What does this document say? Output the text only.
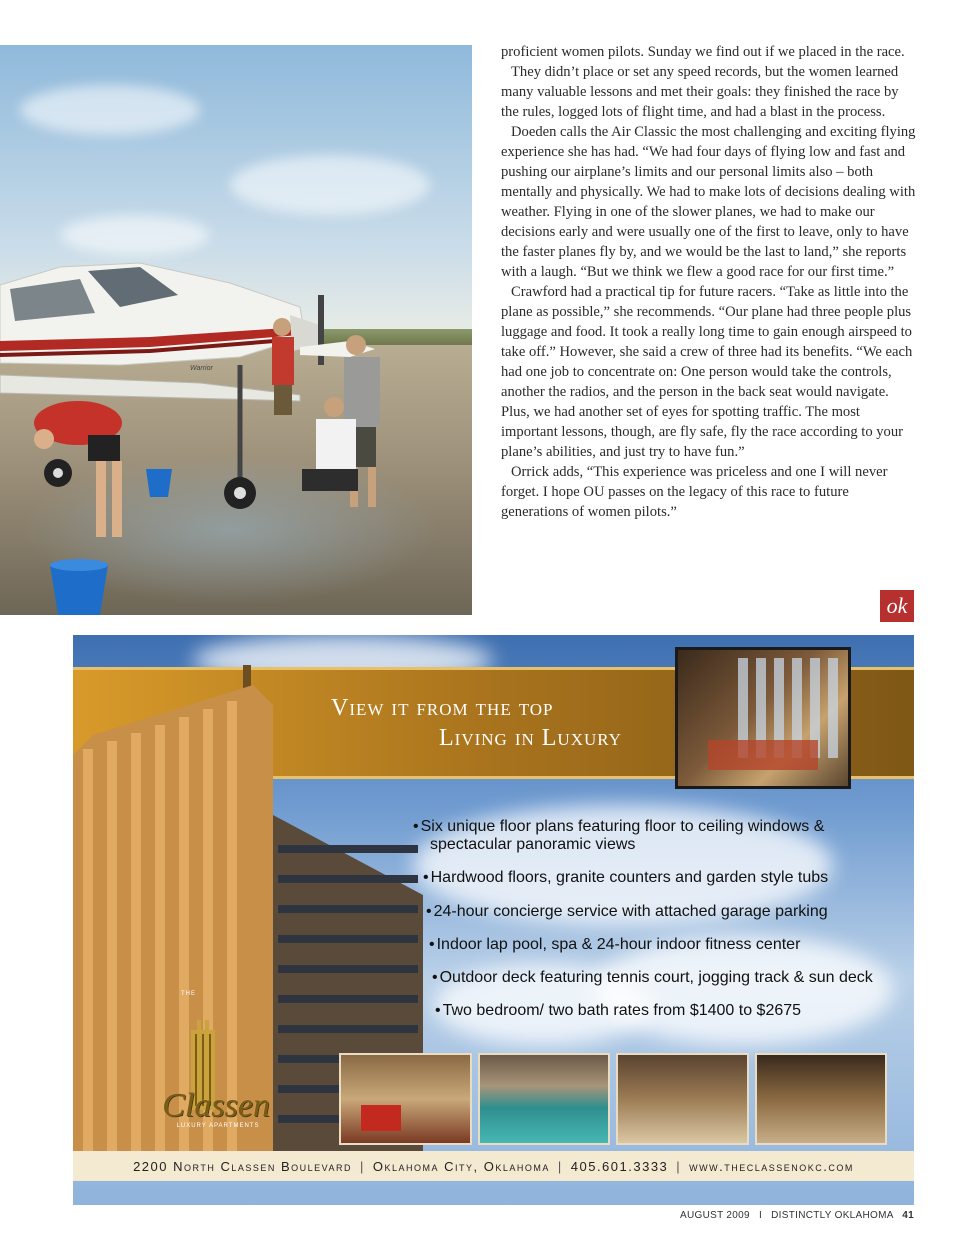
Warrior

proficient women pilots. Sunday we find out if we placed in the race.

They didn’t place or set any speed records, but the women learned many valuable lessons and met their goals: they finished the race by the rules, logged lots of flight time, and had a blast in the process.

Doeden calls the Air Classic the most challenging and exciting flying experience she has had. “We had four days of flying low and fast and pushing our airplane’s limits and our personal limits also – both mentally and physically. We had to make lots of decisions dealing with weather. Flying in one of the slower planes, we had to make our decisions early and were usually one of the first to leave, only to have the faster planes fly by, and we would be the last to land,” she reports with a laugh. “But we think we flew a good race for our first time.”

Crawford had a practical tip for future racers. “Take as little into the plane as possible,” she recommends. “Our plane had three people plus luggage and food. It took a really long time to gain enough airspeed to take off.” However, she said a crew of three had its benefits. “We each had one job to concentrate on: One person would take the controls, another the radios, and the person in the back seat would navigate. Plus, we had another set of eyes for spotting traffic. The most important lessons, though, are fly safe, fly the race according to your plane’s abilities, and just try to have fun.”

Orrick adds, “This experience was priceless and one I will never forget. I hope OU passes on the legacy of this race to future generations of women pilots.”

ok
View it from the top
Living in Luxury
• Six unique floor plans featuring floor to ceiling windows &
spectacular panoramic views
• Hardwood floors, granite counters and garden style tubs
• 24-hour concierge service with attached garage parking
• Indoor lap pool, spa & 24-hour indoor fitness center
• Outdoor deck featuring tennis court, jogging track & sun deck
• Two bedroom/ two bath rates from $1400 to $2675
THE
Classen
LUXURY APARTMENTS
2200 North Classen Boulevard | Oklahoma City, Oklahoma | 405.601.3333 | www.theclassenokc.com
AUGUST 2009 I DISTINCTLY OKLAHOMA 41
